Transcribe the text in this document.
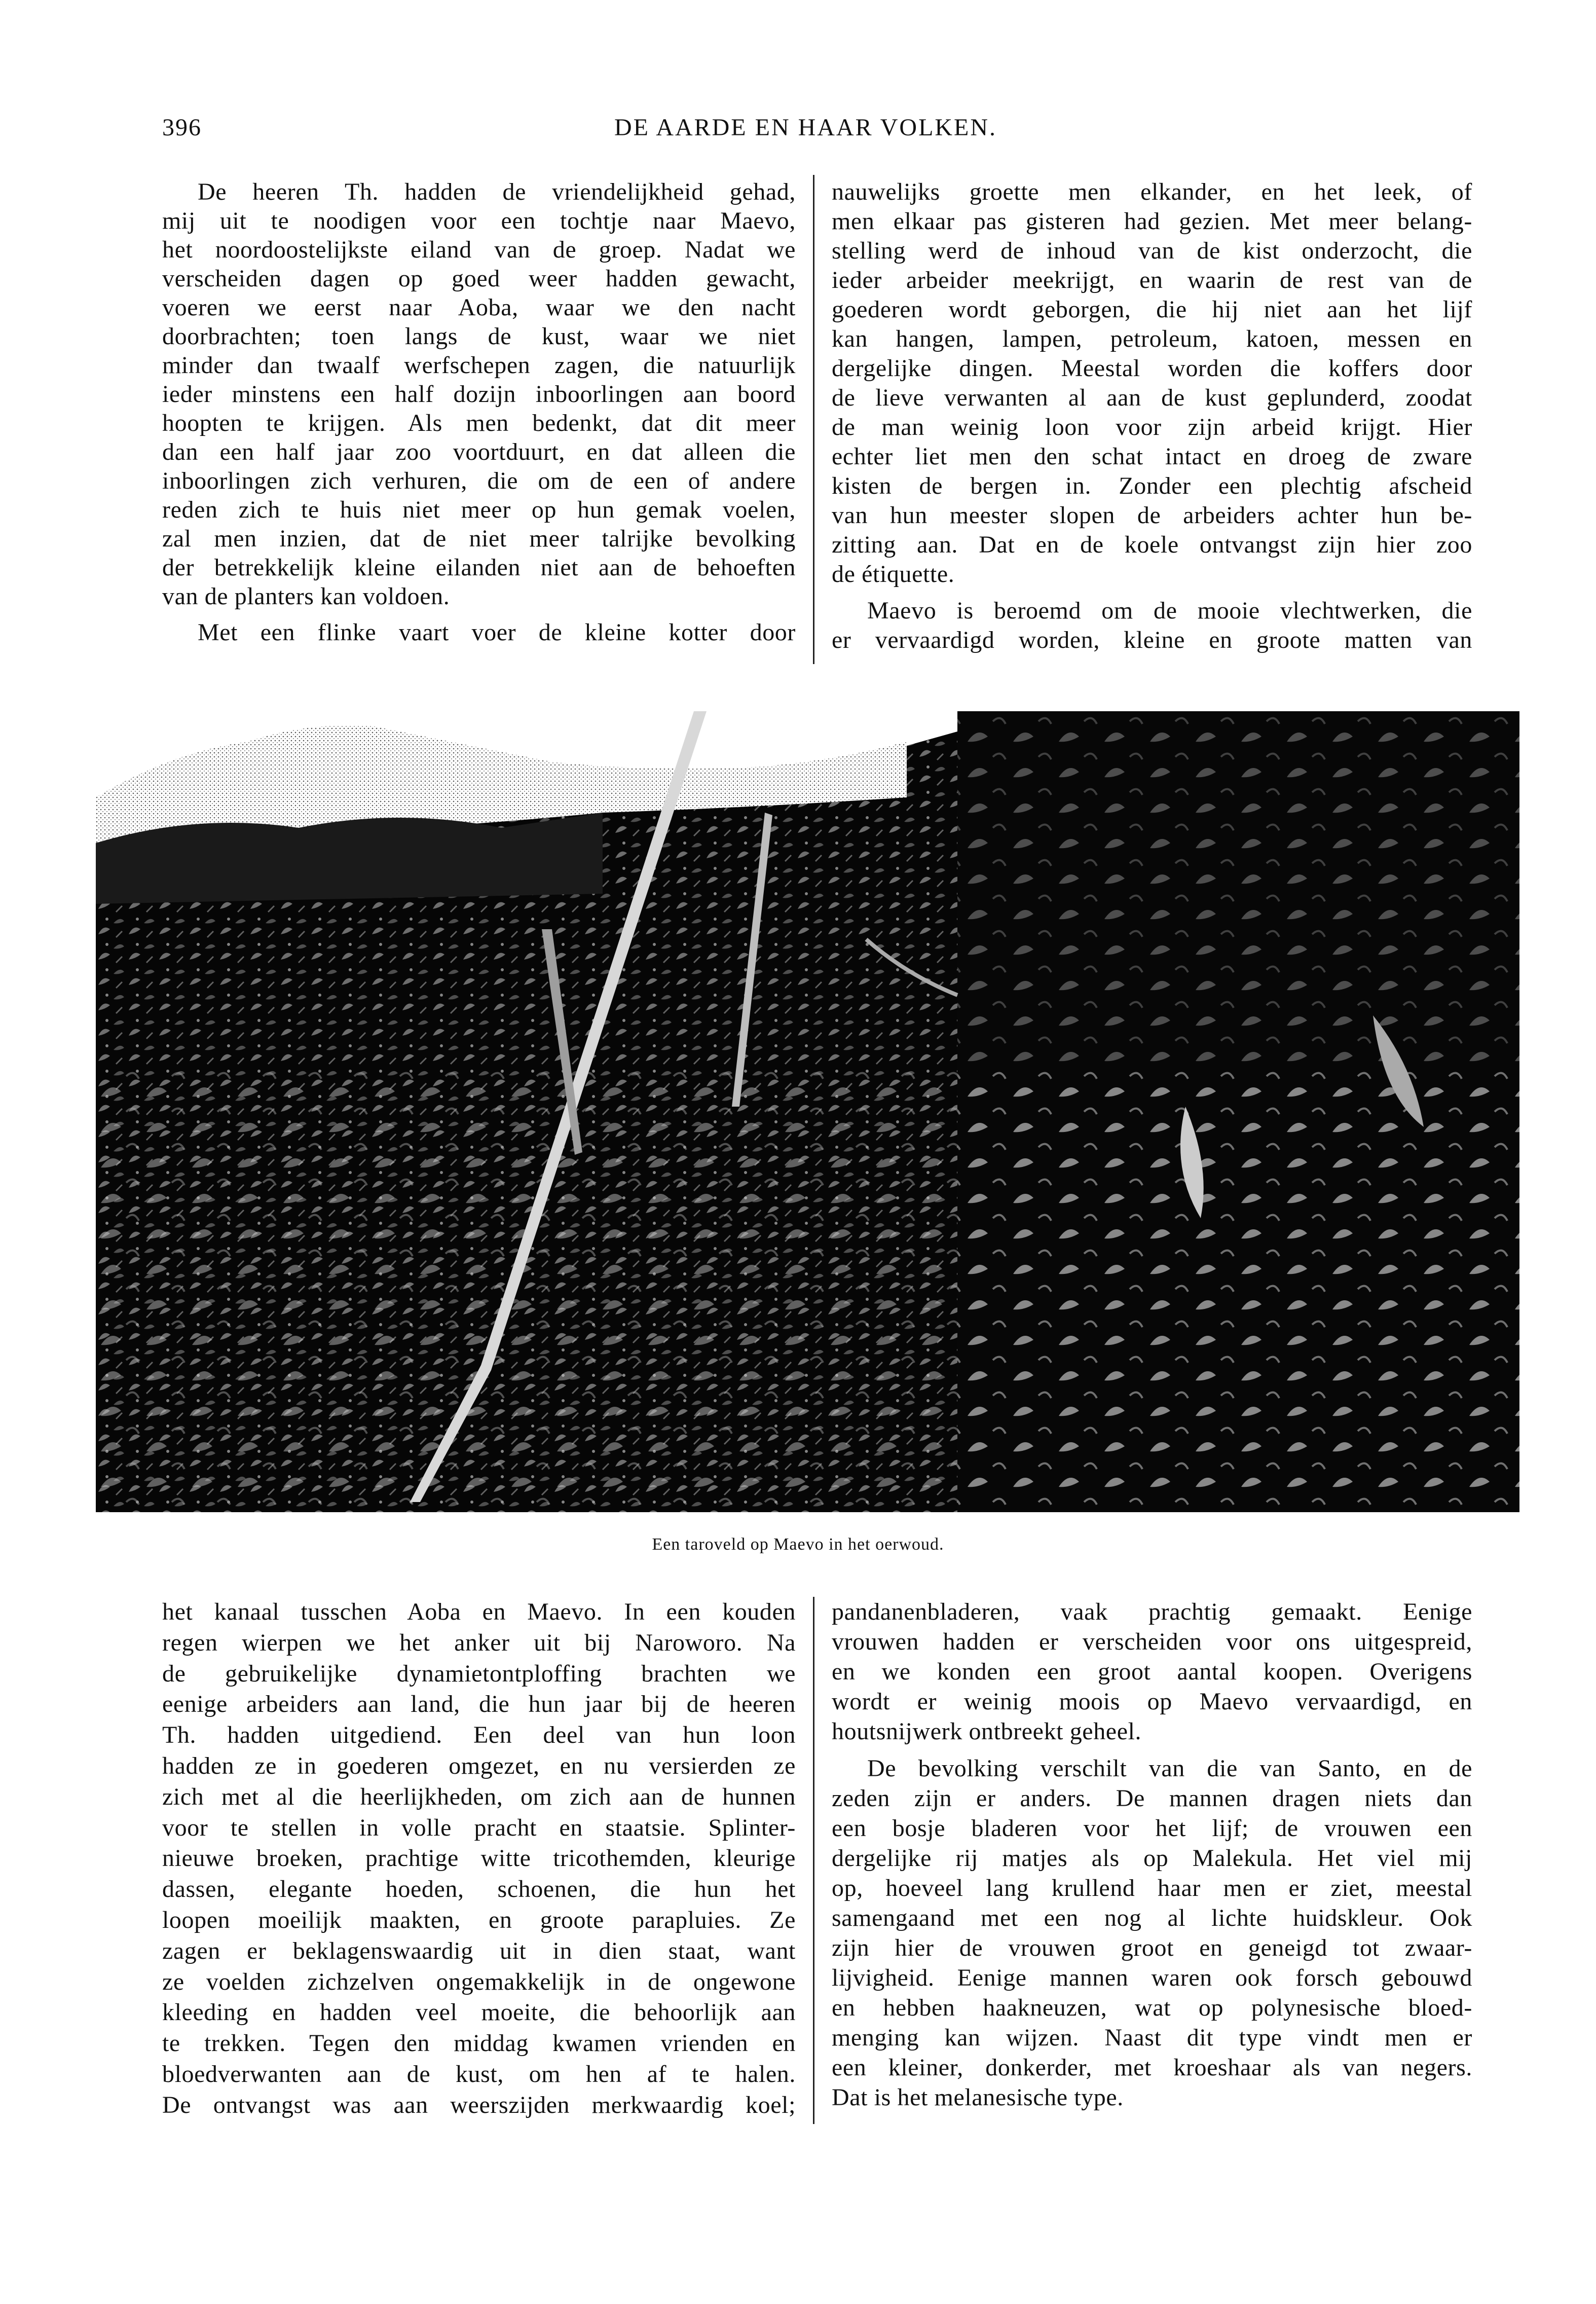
396	DE AARDE EN HAAR VOLKEN.
De heeren Th. hadden de vriendelijkheid gehad,
mij uit te noodigen voor een tochtje naar Maevo,
het noordoostelijkste eiland van de groep. Nadat we
verscheiden dagen op goed weer hadden gewacht,
voeren we eerst naar Aoba, waar we den nacht
doorbrachten; toen langs de kust, waar we niet
minder dan twaalf werfschepen zagen, die natuurlijk
ieder minstens een half dozijn inboorlingen aan boord
hoopten te krijgen. Als men bedenkt, dat dit meer
dan een half jaar zoo voortduurt, en dat alleen die
inboorlingen zich verhuren, die om de een of andere
reden zich te huis niet meer op hun gemak voelen,
zal men inzien, dat de niet meer talrijke bevolking
der betrekkelijk kleine eilanden niet aan de behoeften
van de planters kan voldoen.
Met een flinke vaart voer de kleine kotter door
nauwelijks groette men elkander, en het leek, of
men elkaar pas gisteren had gezien. Met meer belang-
stelling werd de inhoud van de kist onderzocht, die
ieder arbeider meekrijgt, en waarin de rest van de
goederen wordt geborgen, die hij niet aan het lijf
kan hangen, lampen, petroleum, katoen, messen en
dergelijke dingen. Meestal worden die koffers door
de lieve verwanten al aan de kust geplunderd, zoodat
de man weinig loon voor zijn arbeid krijgt. Hier
echter liet men den schat intact en droeg de zware
kisten de bergen in. Zonder een plechtig afscheid
van hun meester slopen de arbeiders achter hun be-
zitting aan. Dat en de koele ontvangst zijn hier zoo
de étiquette.
Maevo is beroemd om de mooie vlechtwerken, die
er vervaardigd worden, kleine en groote matten van
Een taroveld op Maevo in het oerwoud.
het kanaal tusschen Aoba en Maevo. In een kouden
regen wierpen we het anker uit bij Naroworo. Na
de gebruikelijke dynamietontploffing brachten we
eenige arbeiders aan land, die hun jaar bij de heeren
Th. hadden uitgediend. Een deel van hun loon
hadden ze in goederen omgezet, en nu versierden ze
zich met al die heerlijkheden, om zich aan de hunnen
voor te stellen in volle pracht en staatsie. Splinter-
nieuwe broeken, prachtige witte tricothemden, kleurige
dassen, elegante hoeden, schoenen, die hun het
loopen moeilijk maakten, en groote parapluies. Ze
zagen er beklagenswaardig uit in dien staat, want
ze voelden zichzelven ongemakkelijk in de ongewone
kleeding en hadden veel moeite, die behoorlijk aan
te trekken. Tegen den middag kwamen vrienden en
bloedverwanten aan de kust, om hen af te halen.
De ontvangst was aan weerszijden merkwaardig koel;
pandanenbladeren, vaak prachtig gemaakt. Eenige
vrouwen hadden er verscheiden voor ons uitgespreid,
en we konden een groot aantal koopen. Overigens
wordt er weinig moois op Maevo vervaardigd, en
houtsnijwerk ontbreekt geheel.
De bevolking verschilt van die van Santo, en de
zeden zijn er anders. De mannen dragen niets dan
een bosje bladeren voor het lijf; de vrouwen een
dergelijke rij matjes als op Malekula. Het viel mij
op, hoeveel lang krullend haar men er ziet, meestal
samengaand met een nog al lichte huidskleur. Ook
zijn hier de vrouwen groot en geneigd tot zwaar-
lijvigheid. Eenige mannen waren ook forsch gebouwd
en hebben haakneuzen, wat op polynesische bloed-
menging kan wijzen. Naast dit type vindt men er
een kleiner, donkerder, met kroeshaar als van negers.
Dat is het melanesische type.
